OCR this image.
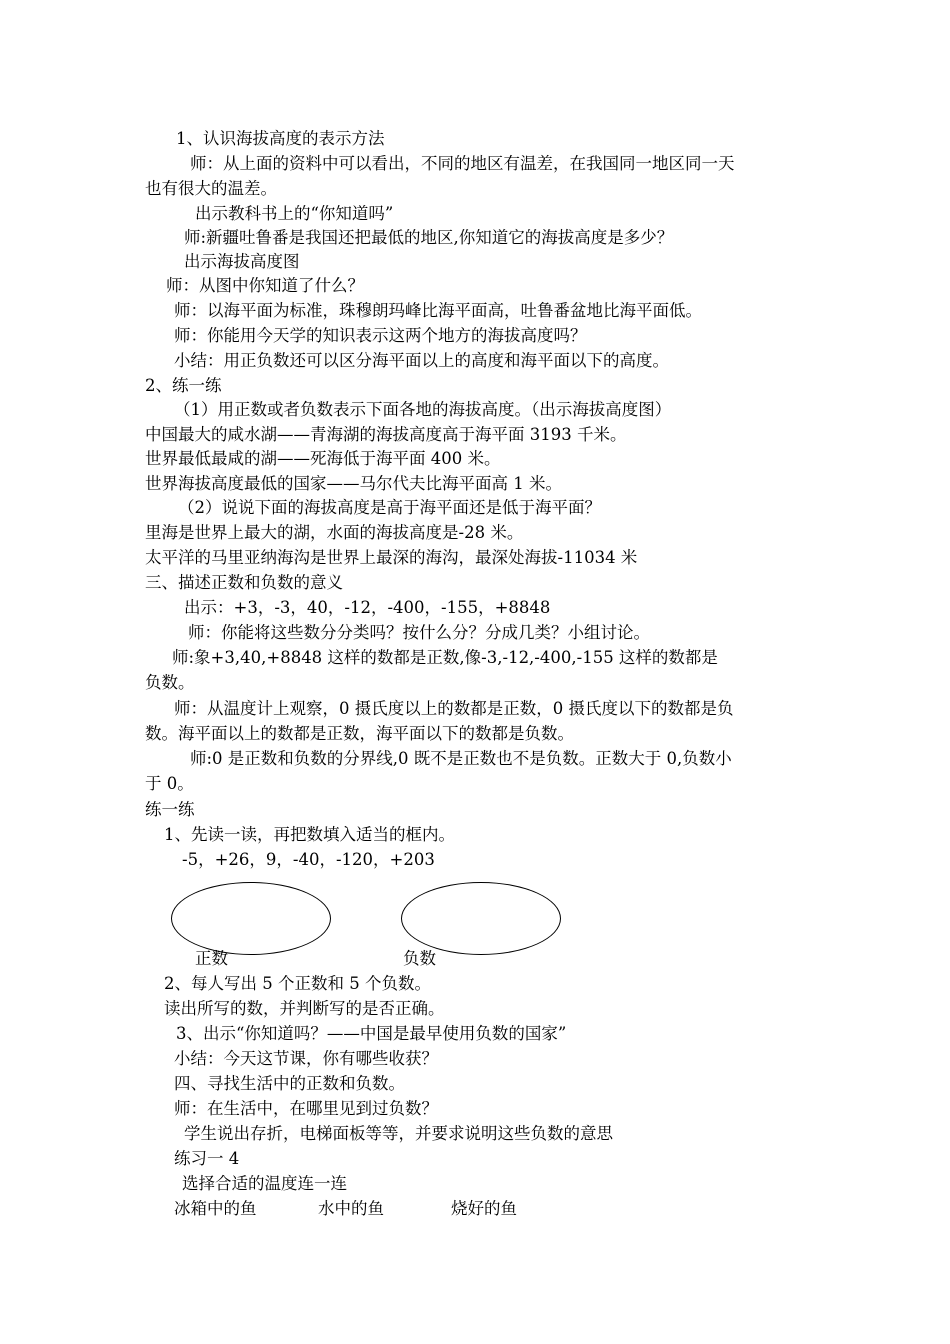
1、认识海拔高度的表示方法
师：从上面的资料中可以看出，不同的地区有温差，在我国同一地区同一天
也有很大的温差。
出示教科书上的“你知道吗”
师:新疆吐鲁番是我国还把最低的地区,你知道它的海拔高度是多少？
出示海拔高度图
师：从图中你知道了什么？
师：以海平面为标准，珠穆朗玛峰比海平面高，吐鲁番盆地比海平面低。
师：你能用今天学的知识表示这两个地方的海拔高度吗？
小结：用正负数还可以区分海平面以上的高度和海平面以下的高度。
2、练一练
（1）用正数或者负数表示下面各地的海拔高度。（出示海拔高度图）
中国最大的咸水湖——青海湖的海拔高度高于海平面 3193 千米。
世界最低最咸的湖——死海低于海平面 400 米。
世界海拔高度最低的国家——马尔代夫比海平面高 1 米。
（2）说说下面的海拔高度是高于海平面还是低于海平面？
里海是世界上最大的湖，水面的海拔高度是-28 米。
太平洋的马里亚纳海沟是世界上最深的海沟，最深处海拔-11034 米
三、描述正数和负数的意义
出示：+3，-3，40，-12，-400，-155，+8848
师：你能将这些数分分类吗？按什么分？分成几类？小组讨论。
师:象+3,40,+8848 这样的数都是正数,像-3,-12,-400,-155 这样的数都是
负数。
师：从温度计上观察，0 摄氏度以上的数都是正数，0 摄氏度以下的数都是负
数。海平面以上的数都是正数，海平面以下的数都是负数。
师:0 是正数和负数的分界线,0 既不是正数也不是负数。正数大于 0,负数小
于 0。
练一练
1、先读一读，再把数填入适当的框内。
-5，+26，9，-40，-120，+203
正数	负数
2、每人写出 5 个正数和 5 个负数。
读出所写的数，并判断写的是否正确。
3、出示“你知道吗？——中国是最早使用负数的国家”
小结：今天这节课，你有哪些收获？
四、寻找生活中的正数和负数。
师：在生活中，在哪里见到过负数？
学生说出存折，电梯面板等等，并要求说明这些负数的意思
练习一 4
选择合适的温度连一连
冰箱中的鱼	水中的鱼	烧好的鱼
